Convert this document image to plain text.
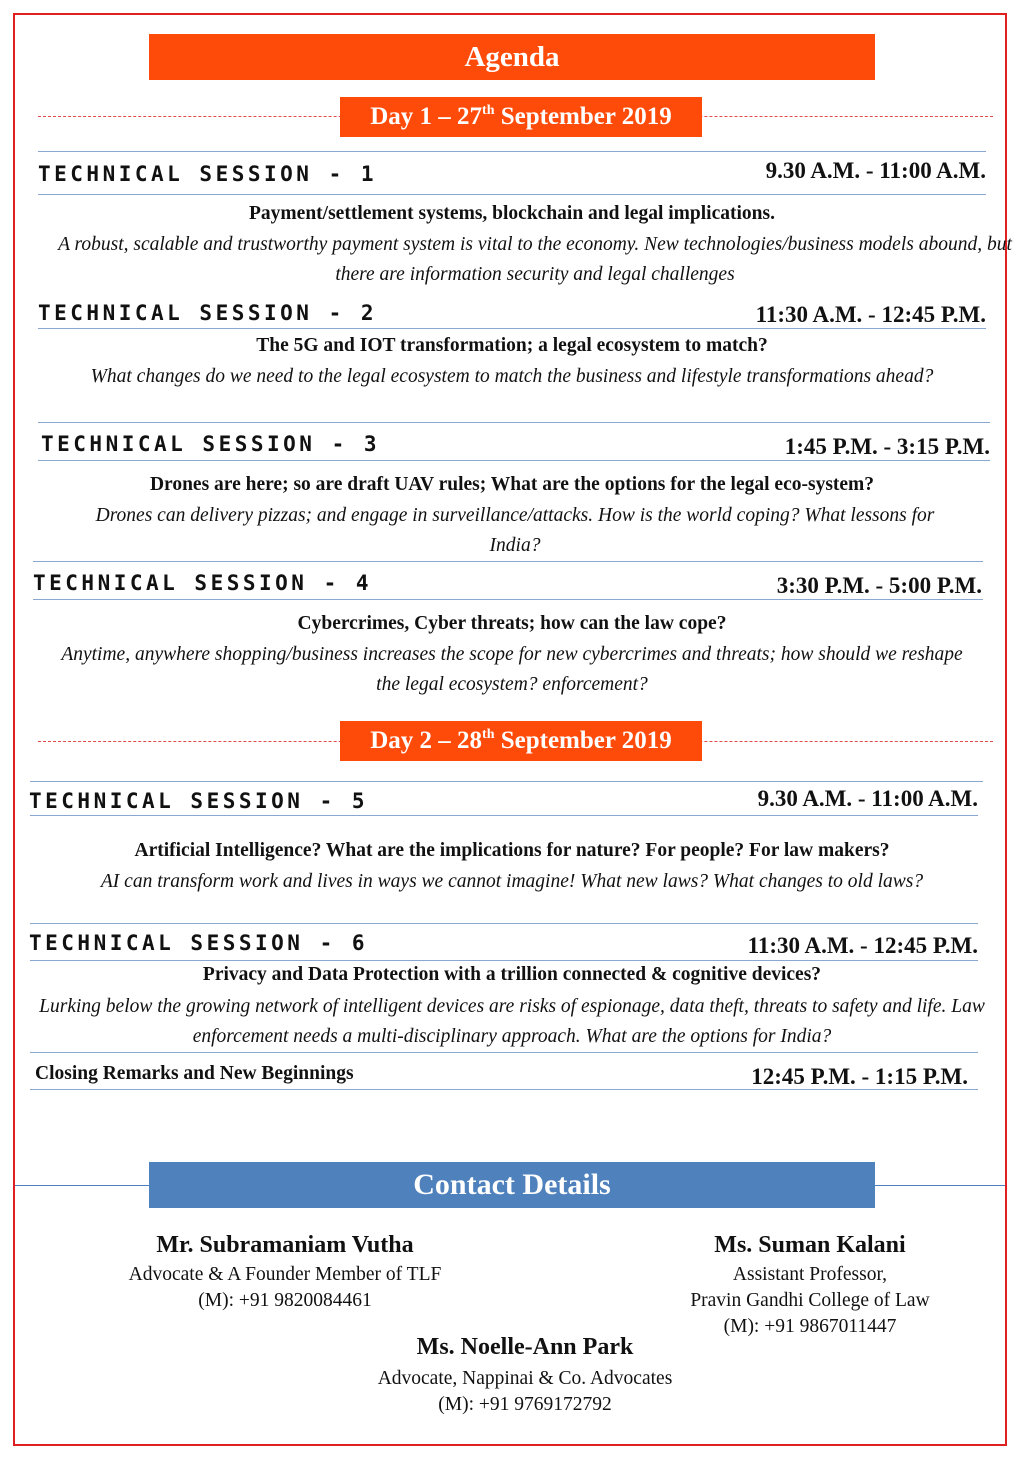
Agenda
Day 1 – 27th September 2019
TECHNICAL SESSION - 1	9.30 A.M. - 11:00 A.M.
Payment/settlement systems, blockchain and legal implications.
A robust, scalable and trustworthy payment system is vital to the economy. New technologies/business models abound, but there are information security and legal challenges
TECHNICAL SESSION - 2	11:30 A.M. - 12:45 P.M.
The 5G and IOT transformation; a legal ecosystem to match?
What changes do we need to the legal ecosystem to match the business and lifestyle transformations ahead?
TECHNICAL SESSION - 3	1:45 P.M. - 3:15 P.M.
Drones are here; so are draft UAV rules; What are the options for the legal eco-system?
Drones can delivery pizzas; and engage in surveillance/attacks. How is the world coping? What lessons for India?
TECHNICAL SESSION - 4	3:30 P.M. - 5:00 P.M.
Cybercrimes, Cyber threats; how can the law cope?
Anytime, anywhere shopping/business increases the scope for new cybercrimes and threats; how should we reshape the legal ecosystem? enforcement?
Day 2 – 28th September 2019
TECHNICAL SESSION - 5	9.30 A.M. - 11:00 A.M.
Artificial Intelligence? What are the implications for nature? For people? For law makers?
AI can transform work and lives in ways we cannot imagine! What new laws? What changes to old laws?
TECHNICAL SESSION - 6	11:30 A.M. - 12:45 P.M.
Privacy and Data Protection with a trillion connected & cognitive devices?
Lurking below the growing network of intelligent devices are risks of espionage, data theft, threats to safety and life. Law enforcement needs a multi-disciplinary approach. What are the options for India?
Closing Remarks and New Beginnings	12:45 P.M. - 1:15 P.M.
Contact Details
Mr. Subramaniam Vutha
Advocate & A Founder Member of TLF
(M): +91 9820084461
Ms. Suman Kalani
Assistant Professor,
Pravin Gandhi College of Law
(M): +91 9867011447
Ms. Noelle-Ann Park
Advocate, Nappinai & Co. Advocates
(M): +91 9769172792
